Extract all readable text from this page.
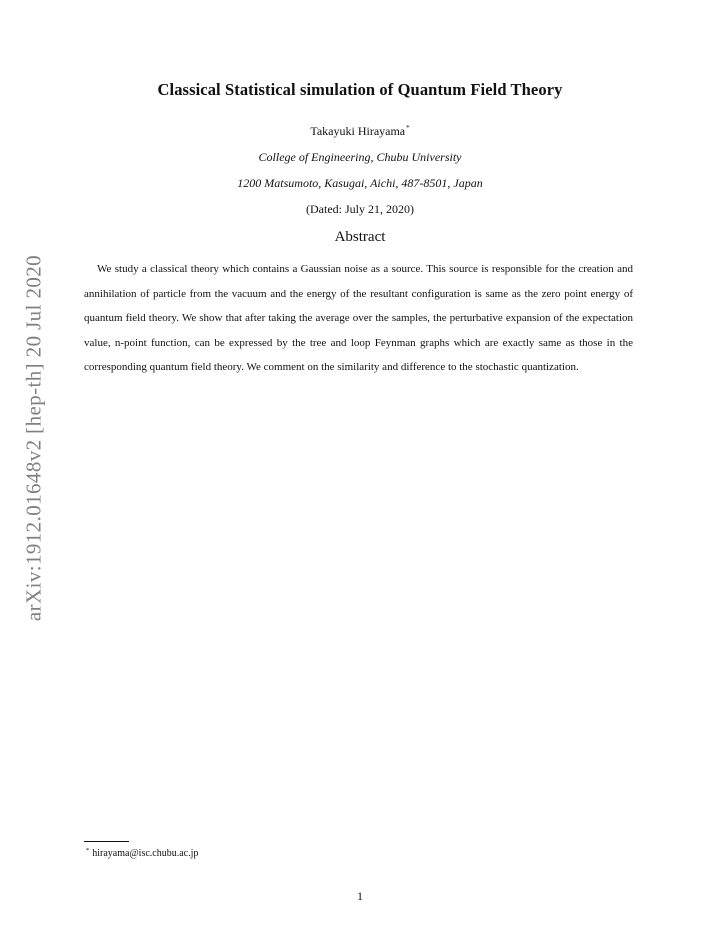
arXiv:1912.01648v2 [hep-th] 20 Jul 2020
Classical Statistical simulation of Quantum Field Theory
Takayuki Hirayama*
College of Engineering, Chubu University
1200 Matsumoto, Kasugai, Aichi, 487-8501, Japan
(Dated: July 21, 2020)
Abstract

We study a classical theory which contains a Gaussian noise as a source. This source is responsible for the creation and annihilation of particle from the vacuum and the energy of the resultant configuration is same as the zero point energy of quantum field theory. We show that after taking the average over the samples, the perturbative expansion of the expectation value, n-point function, can be expressed by the tree and loop Feynman graphs which are exactly same as those in the corresponding quantum field theory. We comment on the similarity and difference to the stochastic quantization.

* hirayama@isc.chubu.ac.jp
1
